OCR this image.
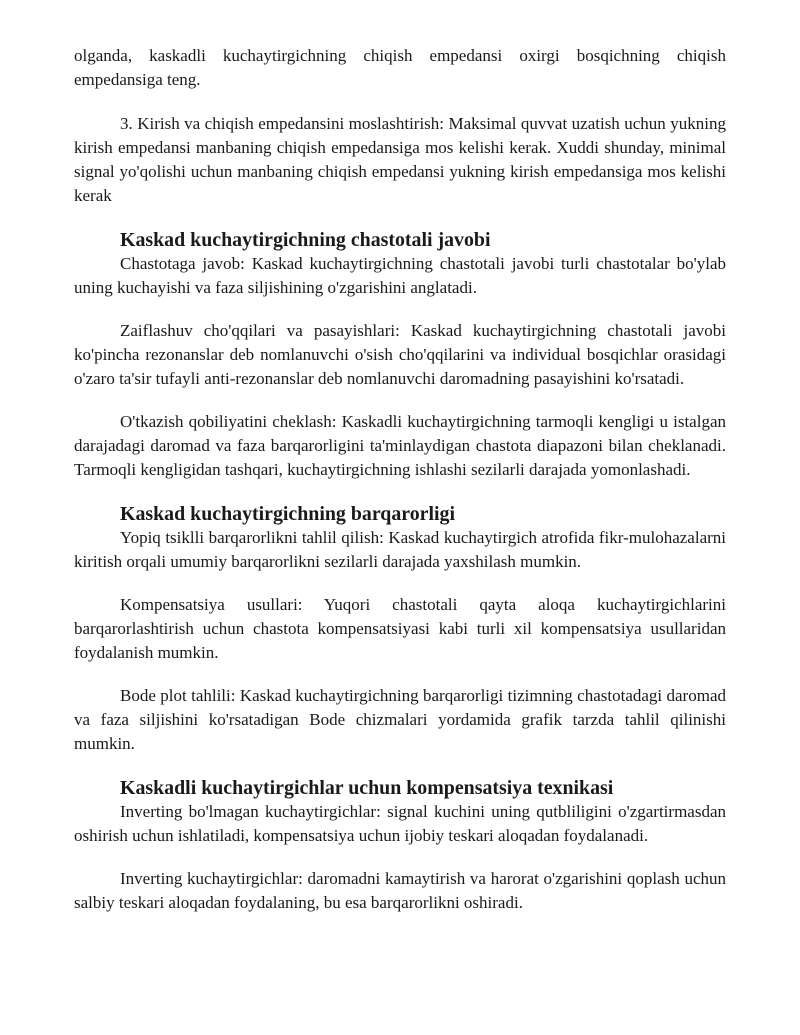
olganda, kaskadli kuchaytirgichning chiqish empedansi oxirgi bosqichning chiqish empedansiga teng.

3. Kirish va chiqish empedansini moslashtirish: Maksimal quvvat uzatish uchun yukning kirish empedansi manbaning chiqish empedansiga mos kelishi kerak. Xuddi shunday, minimal signal yo'qolishi uchun manbaning chiqish empedansi yukning kirish empedansiga mos kelishi kerak

Kaskad kuchaytirgichning chastotali javobi

Chastotaga javob: Kaskad kuchaytirgichning chastotali javobi turli chastotalar bo'ylab uning kuchayishi va faza siljishining o'zgarishini anglatadi.

Zaiflashuv cho'qqilari va pasayishlari: Kaskad kuchaytirgichning chastotali javobi ko'pincha rezonanslar deb nomlanuvchi o'sish cho'qqilarini va individual bosqichlar orasidagi o'zaro ta'sir tufayli anti-rezonanslar deb nomlanuvchi daromadning pasayishini ko'rsatadi.

O'tkazish qobiliyatini cheklash: Kaskadli kuchaytirgichning tarmoqli kengligi u istalgan darajadagi daromad va faza barqarorligini ta'minlaydigan chastota diapazoni bilan cheklanadi. Tarmoqli kengligidan tashqari, kuchaytirgichning ishlashi sezilarli darajada yomonlashadi.

Kaskad kuchaytirgichning barqarorligi

Yopiq tsiklli barqarorlikni tahlil qilish: Kaskad kuchaytirgich atrofida fikr-mulohazalarni kiritish orqali umumiy barqarorlikni sezilarli darajada yaxshilash mumkin.

Kompensatsiya usullari: Yuqori chastotali qayta aloqa kuchaytirgichlarini barqarorlashtirish uchun chastota kompensatsiyasi kabi turli xil kompensatsiya usullaridan foydalanish mumkin.

Bode plot tahlili: Kaskad kuchaytirgichning barqarorligi tizimning chastotadagi daromad va faza siljishini ko'rsatadigan Bode chizmalari yordamida grafik tarzda tahlil qilinishi mumkin.

Kaskadli kuchaytirgichlar uchun kompensatsiya texnikasi

Inverting bo'lmagan kuchaytirgichlar: signal kuchini uning qutbliligini o'zgartirmasdan oshirish uchun ishlatiladi, kompensatsiya uchun ijobiy teskari aloqadan foydalanadi.

Inverting kuchaytirgichlar: daromadni kamaytirish va harorat o'zgarishini qoplash uchun salbiy teskari aloqadan foydalaning, bu esa barqarorlikni oshiradi.
